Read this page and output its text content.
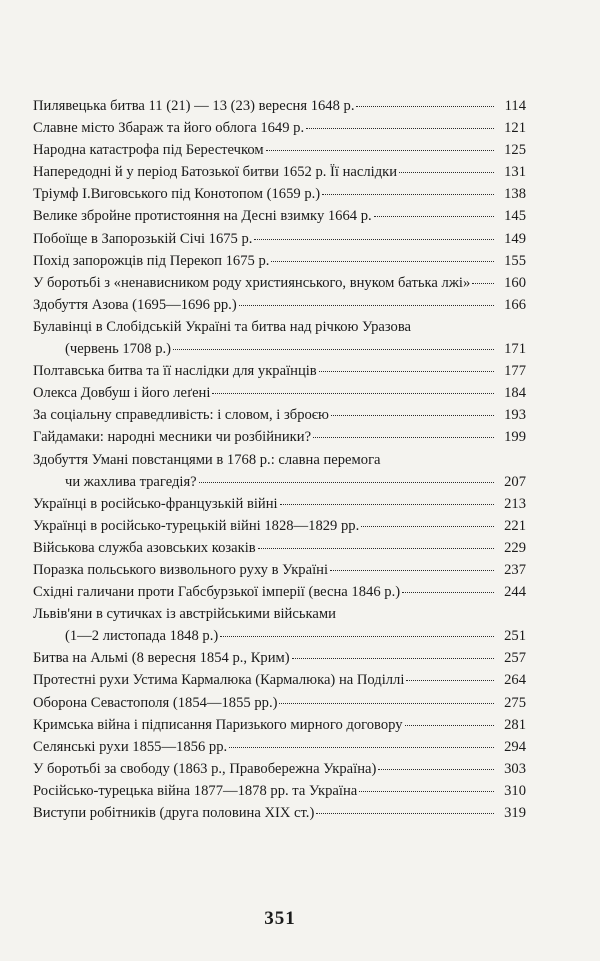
Пилявецька битва 11 (21) — 13 (23) вересня 1648 р.	114
Славне місто Збараж та його облога 1649 р.	121
Народна катастрофа під Берестечком	125
Напередодні й у період Батозької битви 1652 р. Її наслідки	131
Тріумф І.Виговського під Конотопом (1659 р.)	138
Велике збройне протистояння на Десні взимку 1664 р.	145
Побоїще в Запорозькій Січі 1675 р.	149
Похід запорожців під Перекоп 1675 р.	155
У боротьбі з «ненависником роду християнського, внуком батька лжі»	160
Здобуття Азова (1695—1696 рр.)	166
Булавінці в Слобідській Україні та битва над річкою Уразова
(червень 1708 р.)	171
Полтавська битва та її наслідки для українців	177
Олекса Довбуш і його леґені	184
За соціальну справедливість: і словом, і зброєю	193
Гайдамаки: народні месники чи розбійники?	199
Здобуття Умані повстанцями в 1768 р.: славна перемога
чи жахлива трагедія?	207
Українці в російсько-французькій війні	213
Українці в російсько-турецькій війні 1828—1829 рр.	221
Військова служба азовських козаків	229
Поразка польського визвольного руху в Україні	237
Східні галичани проти Габсбурзької імперії (весна 1846 р.)	244
Львів'яни в сутичках із австрійськими військами
(1—2 листопада 1848 р.)	251
Битва на Альмі (8 вересня 1854 р., Крим)	257
Протестні рухи Устима Кармалюка (Кармалюка) на Поділлі	264
Оборона Севастополя (1854—1855 рр.)	275
Кримська війна і підписання Паризького мирного договору	281
Селянські рухи 1855—1856 рр.	294
У боротьбі за свободу (1863 р., Правобережна Україна)	303
Російсько-турецька війна 1877—1878 рр. та Україна	310
Виступи робітників (друга половина XIX ст.)	319
351
